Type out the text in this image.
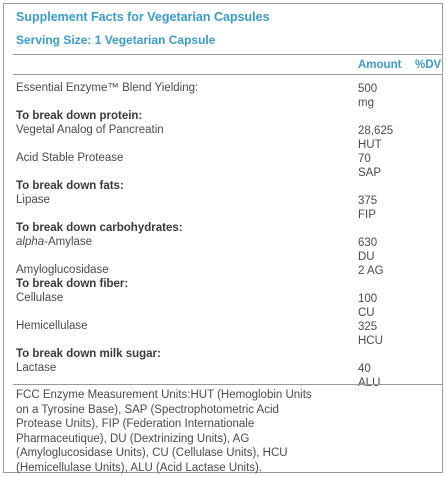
Supplement Facts for Vegetarian Capsules
Serving Size: 1 Vegetarian Capsule
Amount %DV
Essential Enzyme™ Blend Yielding:	500
mg
To break down protein:
Vegetal Analog of Pancreatin	28,625
HUT
Acid Stable Protease	70
SAP
To break down fats:
Lipase	375
FIP
To break down carbohydrates:
alpha-Amylase	630
DU
Amyloglucosidase	2 AG
To break down fiber:
Cellulase	100
CU
Hemicellulase	325
HCU
To break down milk sugar:
Lactase	40
ALU
FCC Enzyme Measurement Units:HUT (Hemoglobin Units on a Tyrosine Base), SAP (Spectrophotometric Acid Protease Units), FIP (Federation Internationale Pharmaceutique), DU (Dextrinizing Units), AG (Amyloglucosidase Units), CU (Cellulase Units), HCU (Hemicellulase Units), ALU (Acid Lactase Units).
